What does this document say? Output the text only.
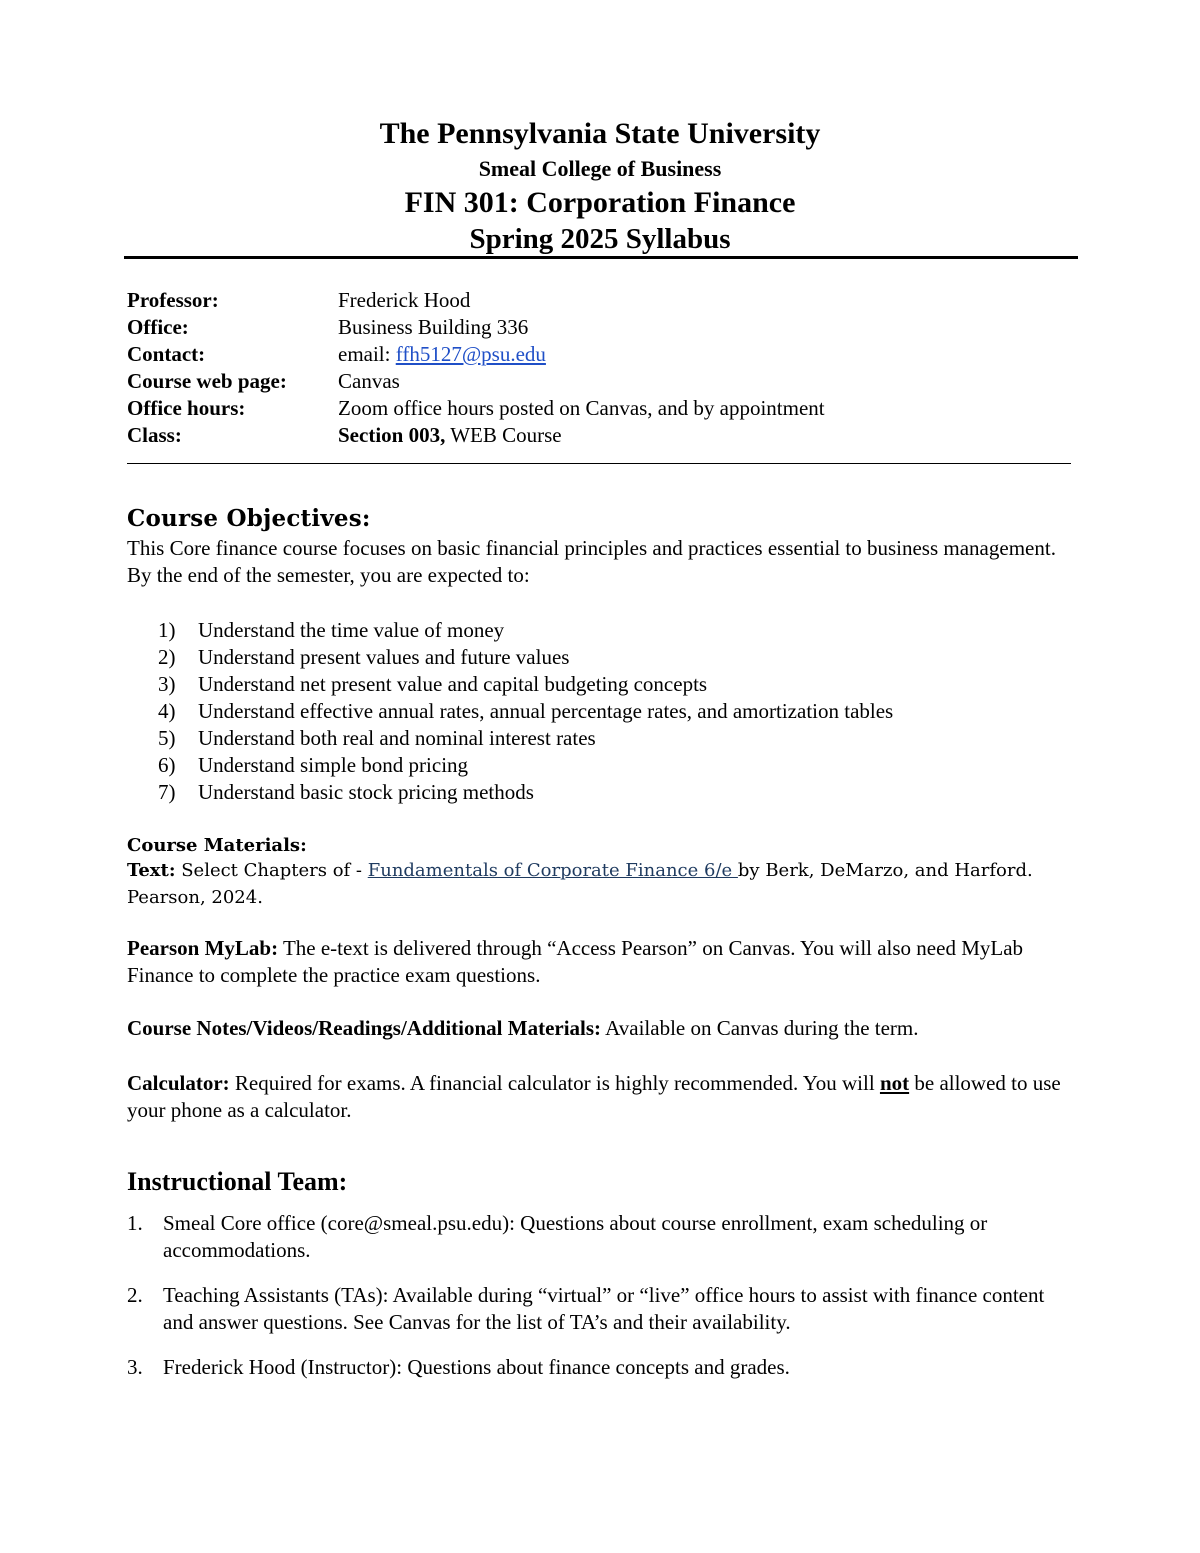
The Pennsylvania State University
Smeal College of Business
FIN 301: Corporation Finance
Spring 2025 Syllabus
Professor:	Frederick Hood
Office:	Business Building 336
Contact:	email: ffh5127@psu.edu
Course web page: Canvas
Office hours:	Zoom office hours posted on Canvas, and by appointment
Class:	Section 003, WEB Course
Course Objectives:
This Core finance course focuses on basic financial principles and practices essential to business management. By the end of the semester, you are expected to:
1) Understand the time value of money
2) Understand present values and future values
3) Understand net present value and capital budgeting concepts
4) Understand effective annual rates, annual percentage rates, and amortization tables
5) Understand both real and nominal interest rates
6) Understand simple bond pricing
7) Understand basic stock pricing methods
Course Materials:
Text: Select Chapters of - Fundamentals of Corporate Finance 6/e by Berk, DeMarzo, and Harford. Pearson, 2024.
Pearson MyLab: The e-text is delivered through “Access Pearson” on Canvas. You will also need MyLab Finance to complete the practice exam questions.
Course Notes/Videos/Readings/Additional Materials: Available on Canvas during the term.
Calculator: Required for exams. A financial calculator is highly recommended. You will not be allowed to use your phone as a calculator.
Instructional Team:
1. Smeal Core office (core@smeal.psu.edu): Questions about course enrollment, exam scheduling or accommodations.
2. Teaching Assistants (TAs): Available during “virtual” or “live” office hours to assist with finance content and answer questions. See Canvas for the list of TA’s and their availability.
3. Frederick Hood (Instructor): Questions about finance concepts and grades.
